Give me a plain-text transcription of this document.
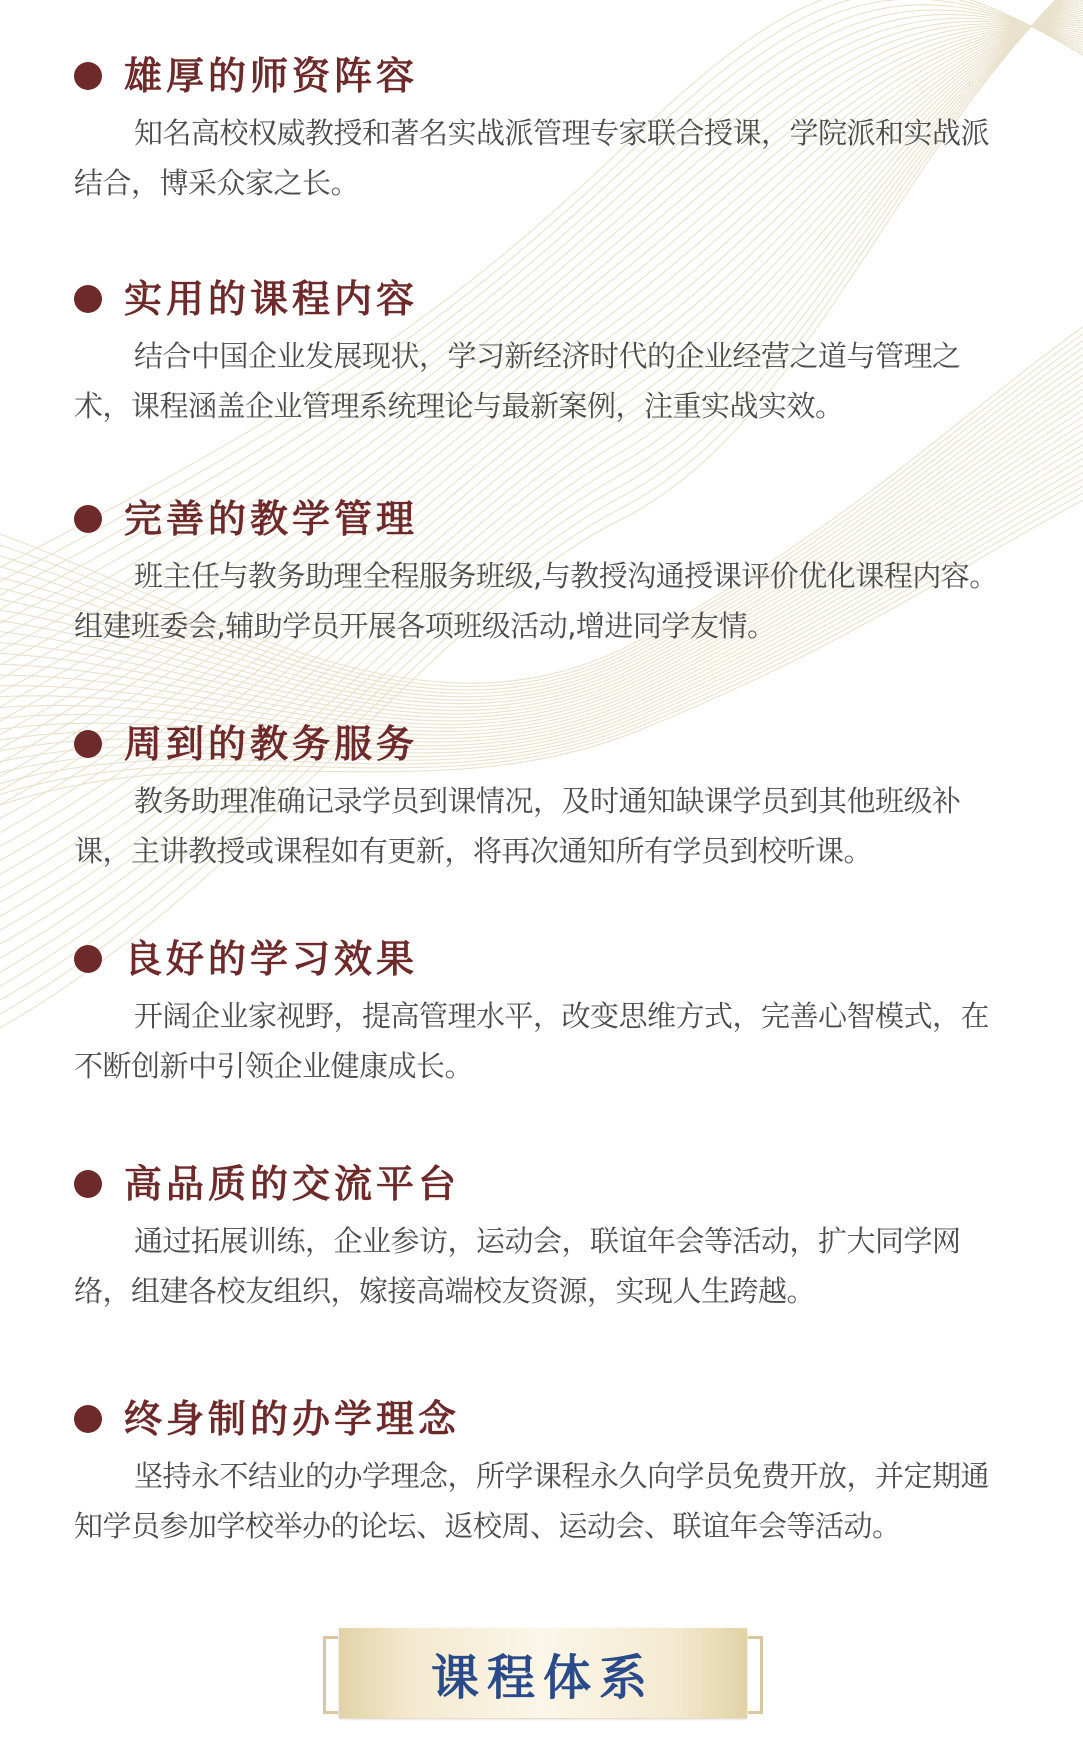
雄厚的师资阵容

知名高校权威教授和著名实战派管理专家联合授课，学院派和实战派结合，博采众家之长。

实用的课程内容

结合中国企业发展现状，学习新经济时代的企业经营之道与管理之术，课程涵盖企业管理系统理论与最新案例，注重实战实效。

完善的教学管理

班主任与教务助理全程服务班级,与教授沟通授课评价优化课程内容。组建班委会,辅助学员开展各项班级活动,增进同学友情。

周到的教务服务

教务助理准确记录学员到课情况，及时通知缺课学员到其他班级补课，主讲教授或课程如有更新，将再次通知所有学员到校听课。

良好的学习效果

开阔企业家视野，提高管理水平，改变思维方式，完善心智模式，在不断创新中引领企业健康成长。

高品质的交流平台

通过拓展训练，企业参访，运动会，联谊年会等活动，扩大同学网络，组建各校友组织，嫁接高端校友资源，实现人生跨越。

终身制的办学理念

坚持永不结业的办学理念，所学课程永久向学员免费开放，并定期通知学员参加学校举办的论坛、返校周、运动会、联谊年会等活动。

课程体系
